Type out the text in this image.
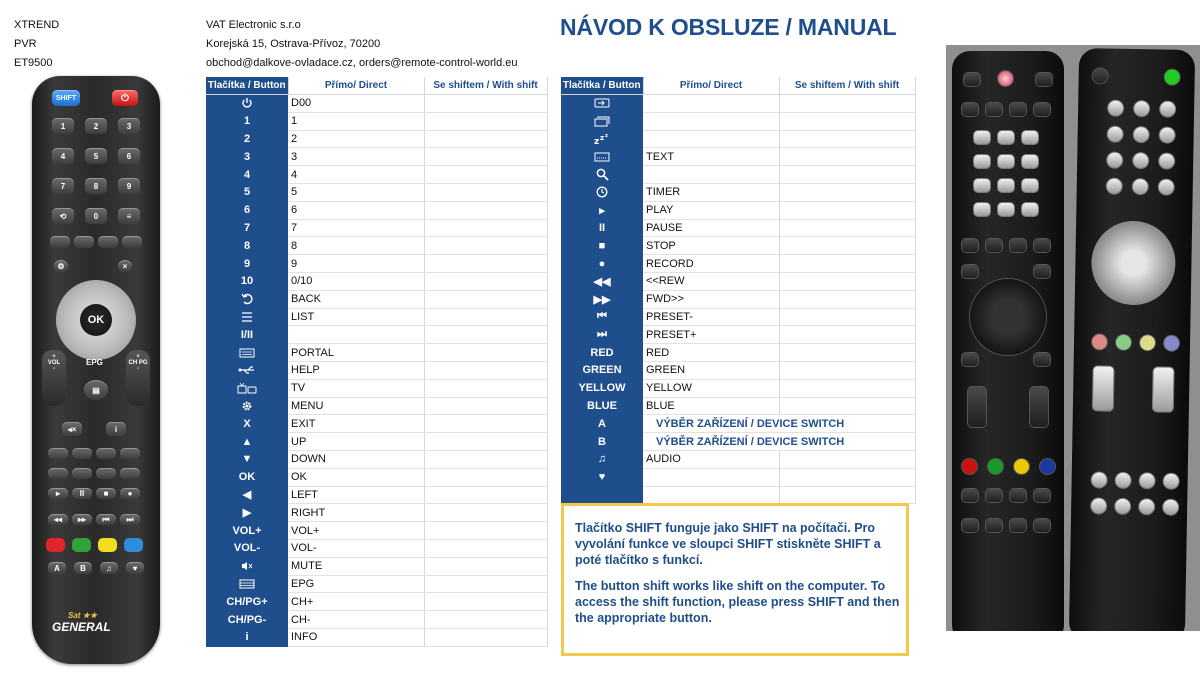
XTREND
PVR
ET9500
VAT Electronic s.r.o
Korejská 15, Ostrava-Přívoz, 70200
obchod@dalkove-ovladace.cz, orders@remote-control-world.eu
NÁVOD K OBSLUZE / MANUAL
SHIFT	⏻
1	2	3
4	5	6
7	8	9
⟲	0	≡
⚙	×
OK
+
VOL
-
+
CH PG
-
EPG
▤
◂×	i
▸	II	■	●
◂◂	▸▸	⏮	⏭
A	B	♫	♥
Sat ★★
GENERAL
Tlačítka / Button	Přímo/ Direct	Se shiftem / With shift
	D00	
1	1	
2	2	
3	3	
4	4	
5	5	
6	6	
7	7	
8	8	
9	9	
10	0/10	
	BACK	
	LIST	
I/II		
	PORTAL	
	HELP	
	TV	
	MENU	
X	EXIT	
▲	UP	
▼	DOWN	
OK	OK	
◀	LEFT	
▶	RIGHT	
VOL+	VOL+	
VOL-	VOL-	
	MUTE	
	EPG	
CH/PG+	CH+	
CH/PG-	CH-	
i	INFO	
Tlačítka / Button	Přímo/ Direct	Se shiftem / With shift

z z z		

	TEXT	

	TIMER	
▸	PLAY	
II	PAUSE	
■	STOP	
●	RECORD	
◀◀	<<REW	
▶▶	FWD>>	
⏮	PRESET-	
⏭	PRESET+	
RED	RED	
GREEN	GREEN	
YELLOW	YELLOW	
BLUE	BLUE	
A	VÝBĚR ZAŘÍZENÍ / DEVICE SWITCH	
B	VÝBĚR ZAŘÍZENÍ / DEVICE SWITCH	
♫	AUDIO	
♥		

Tlačítko SHIFT funguje jako SHIFT na počítači. Pro vyvolání funkce ve sloupci SHIFT stiskněte SHIFT a poté tlačítko s funkcí.

The button shift works like shift on the computer. To access the shift function, please press SHIFT and then the appropriate button.
